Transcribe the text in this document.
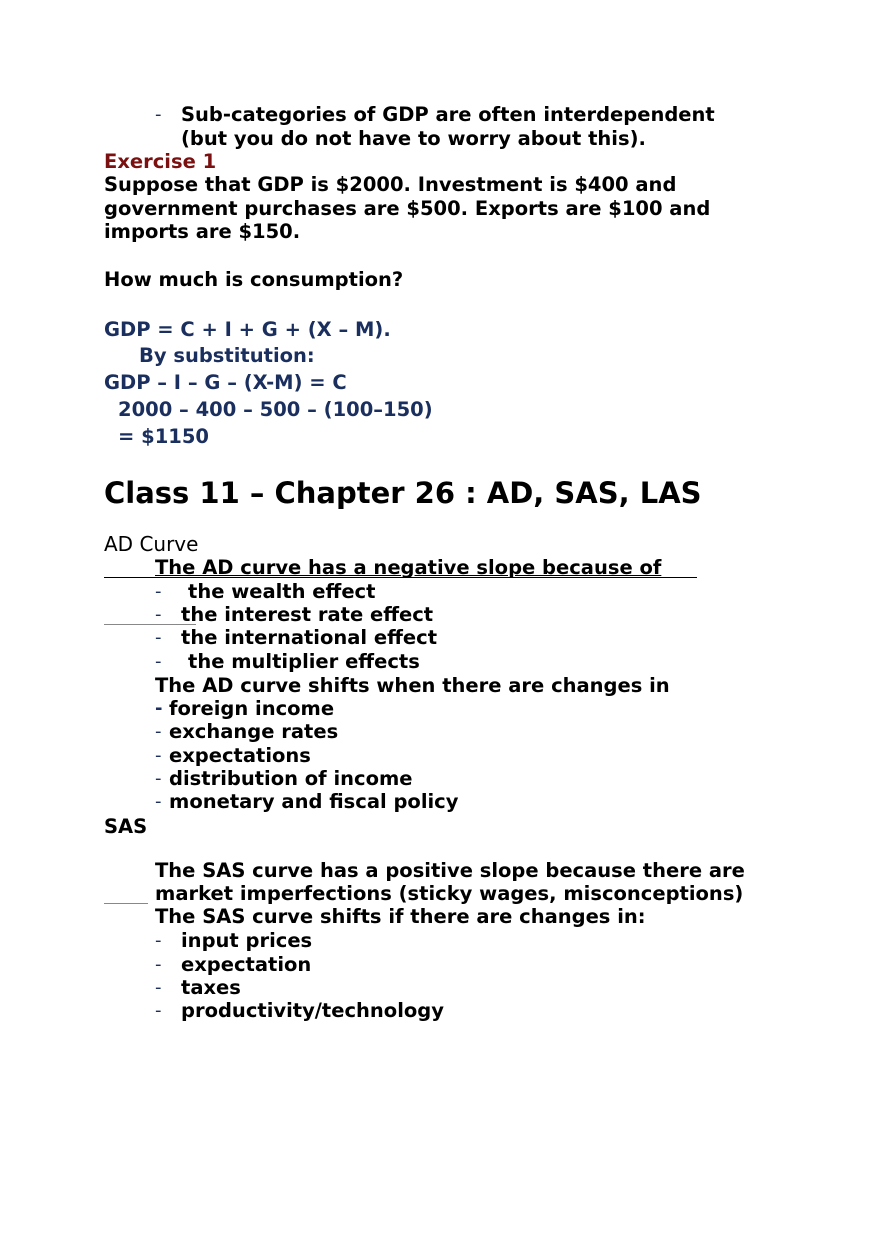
- Sub-categories of GDP are often interdependent
(but you do not have to worry about this).
Exercise 1
Suppose that GDP is $2000. Investment is $400 and
government purchases are $500. Exports are $100 and
imports are $150.
How much is consumption?
GDP = C + I + G + (X – M).
By substitution:
GDP – I – G – (X-M) = C
2000 – 400 – 500 – (100–150)
= $1150
Class 11 – Chapter 26 : AD, SAS, LAS
AD Curve
The AD curve has a negative slope because of
- the wealth effect
- the interest rate effect
- the international effect
- the multiplier effects
The AD curve shifts when there are changes in
- foreign income
- exchange rates
- expectations
- distribution of income
- monetary and fiscal policy
SAS
The SAS curve has a positive slope because there are
market imperfections (sticky wages, misconceptions)
The SAS curve shifts if there are changes in:
- input prices
- expectation
- taxes
- productivity/technology
